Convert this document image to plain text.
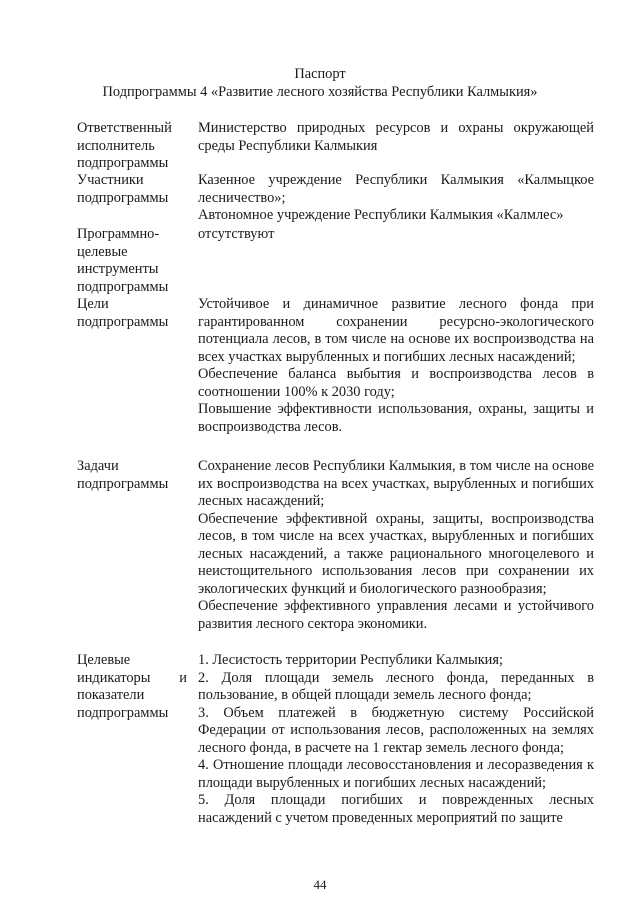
Паспорт
Подпрограммы 4 «Развитие лесного хозяйства Республики Калмыкия»
Ответственный
исполнитель
подпрограммы

Министерство природных ресурсов и охраны окружающей среды Республики Калмыкия

Участники
подпрограммы

Казенное учреждение Республики Калмыкия «Калмыцкое лесничество»;

Автономное учреждение Республики Калмыкия «Калмлес»

Программно-
целевые
инструменты
подпрограммы

отсутствуют

Цели
подпрограммы

Устойчивое и динамичное развитие лесного фонда при гарантированном сохранении ресурсно-экологического потенциала лесов, в том числе на основе их воспроизводства на всех участках вырубленных и погибших лесных насаждений;

Обеспечение баланса выбытия и воспроизводства лесов в соотношении 100% к 2030 году;

Повышение эффективности использования, охраны, защиты и воспроизводства лесов.

Задачи
подпрограммы

Сохранение лесов Республики Калмыкия, в том числе на основе их воспроизводства на всех участках, вырубленных и погибших лесных насаждений;

Обеспечение эффективной охраны, защиты, воспроизводства лесов, в том числе на всех участках, вырубленных и погибших лесных насаждений, а также рационального многоцелевого и неистощительного использования лесов при сохранении их экологических функций и биологического разнообразия;

Обеспечение эффективного управления лесами и устойчивого развития лесного сектора экономики.

Целевые
индикаторы и
показатели
подпрограммы

1. Лесистость территории Республики Калмыкия;

2. Доля площади земель лесного фонда, переданных в пользование, в общей площади земель лесного фонда;

3. Объем платежей в бюджетную систему Российской Федерации от использования лесов, расположенных на землях лесного фонда, в расчете на 1 гектар земель лесного фонда;

4. Отношение площади лесовосстановления и лесоразведения к площади вырубленных и погибших лесных насаждений;

5. Доля площади погибших и поврежденных лесных насаждений с учетом проведенных мероприятий по защите

44
